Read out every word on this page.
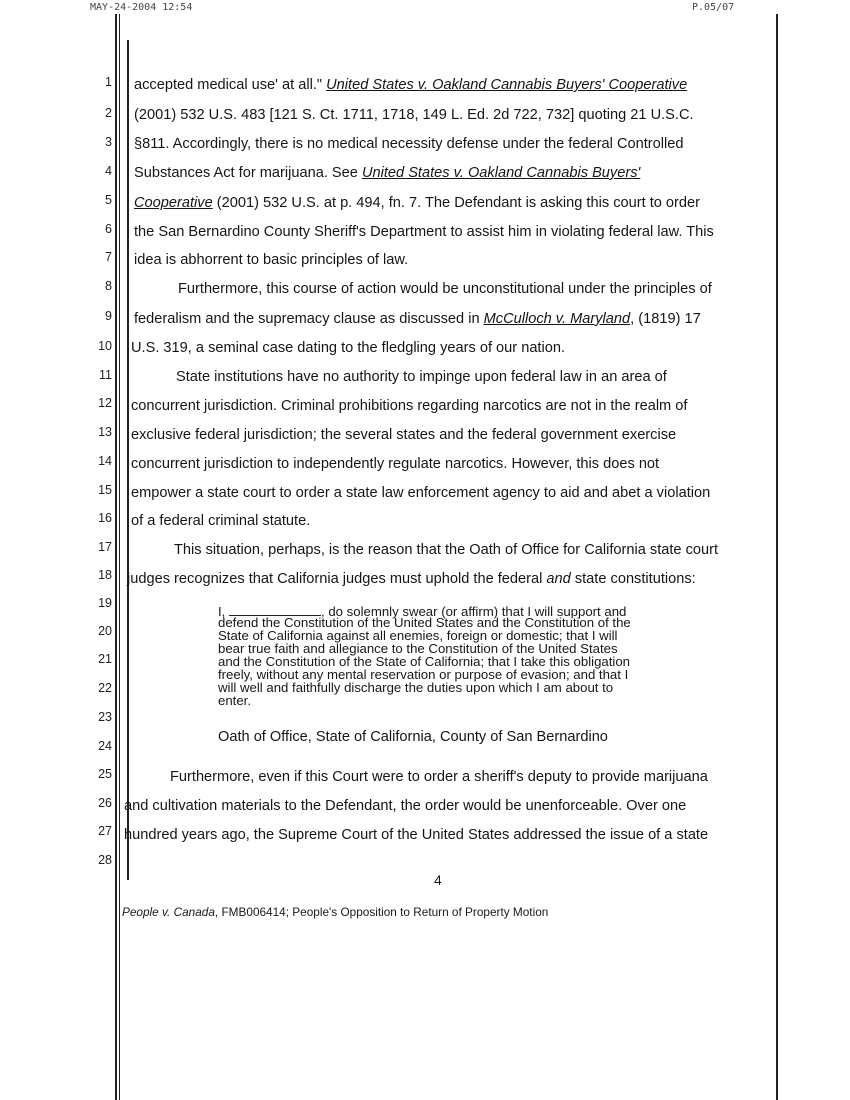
MAY-24-2004 12:54	P.05/07
1
2
3
4
5
6
7
8
9
10
11
12
13
14
15
16
17
18
19
20
21
22
23
24
25
26
27
28
accepted medical use' at all." United States v. Oakland Cannabis Buyers' Cooperative
(2001) 532 U.S. 483 [121 S. Ct. 1711, 1718, 149 L. Ed. 2d 722, 732] quoting 21 U.S.C.
§811. Accordingly, there is no medical necessity defense under the federal Controlled
Substances Act for marijuana. See United States v. Oakland Cannabis Buyers'
Cooperative (2001) 532 U.S. at p. 494, fn. 7. The Defendant is asking this court to order
the San Bernardino County Sheriff's Department to assist him in violating federal law. This
idea is abhorrent to basic principles of law.
Furthermore, this course of action would be unconstitutional under the principles of
federalism and the supremacy clause as discussed in McCulloch v. Maryland, (1819) 17
U.S. 319, a seminal case dating to the fledgling years of our nation.
State institutions have no authority to impinge upon federal law in an area of
concurrent jurisdiction. Criminal prohibitions regarding narcotics are not in the realm of
exclusive federal jurisdiction; the several states and the federal government exercise
concurrent jurisdiction to independently regulate narcotics. However, this does not
empower a state court to order a state law enforcement agency to aid and abet a violation
of a federal criminal statute.
This situation, perhaps, is the reason that the Oath of Office for California state court
judges recognizes that California judges must uphold the federal and state constitutions:
I,	, do solemnly swear (or affirm) that I will support and
defend the Constitution of the United States and the Constitution of the
State of California against all enemies, foreign or domestic; that I will
bear true faith and allegiance to the Constitution of the United States
and the Constitution of the State of California; that I take this obligation
freely, without any mental reservation or purpose of evasion; and that I
will well and faithfully discharge the duties upon which I am about to
enter.
Oath of Office, State of California, County of San Bernardino
Furthermore, even if this Court were to order a sheriff's deputy to provide marijuana
and cultivation materials to the Defendant, the order would be unenforceable. Over one
hundred years ago, the Supreme Court of the United States addressed the issue of a state
4
People v. Canada, FMB006414; People's Opposition to Return of Property Motion
